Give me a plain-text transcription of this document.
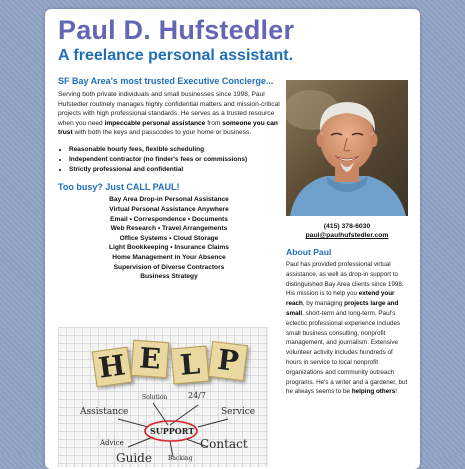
Paul D. Hufstedler
A freelance personal assistant.
SF Bay Area's most trusted Executive Concierge...

Serving both private individuals and small businesses since 1998, Paul Hufstedler routinely manages highly confidential matters and mission-critical projects with high professional standards. He serves as a trusted resource when you need impeccable personal assistance from someone you can trust with both the keys and passcodes to your home or business.

• Reasonable hourly fees, flexible scheduling
• Independent contractor (no finder's fees or commissions)
• Strictly professional and confidential
Too busy? Just CALL PAUL!
Bay Area Drop-in Personal Assistance
Virtual Personal Assistance Anywhere
Email • Correspondence • Documents
Web Research • Travel Arrangements
Office Systems • Cloud Storage
Light Bookkeeping • Insurance Claims
Home Management in Your Absence
Supervision of Diverse Contractors
Business Strategy
(415) 378-6030
paul@paulhufstedler.com
About Paul

Paul has provided professional virtual assistance, as well as drop-in support to distinguished Bay Area clients since 1998. His mission is to help you extend your reach, by managing projects large and small, short-term and long-term. Paul's eclectic professional experience includes small business consulting, nonprofit management, and journalism. Extensive volunteer activity includes hundreds of hours in service to local nonprofit organizations and community outreach programs. He's a writer and a gardener, but he always seems to be helping others!

H E L P
Solution	24/7
Assistance	Service
SUPPORT
Advice	Contact
Guide	Backing
